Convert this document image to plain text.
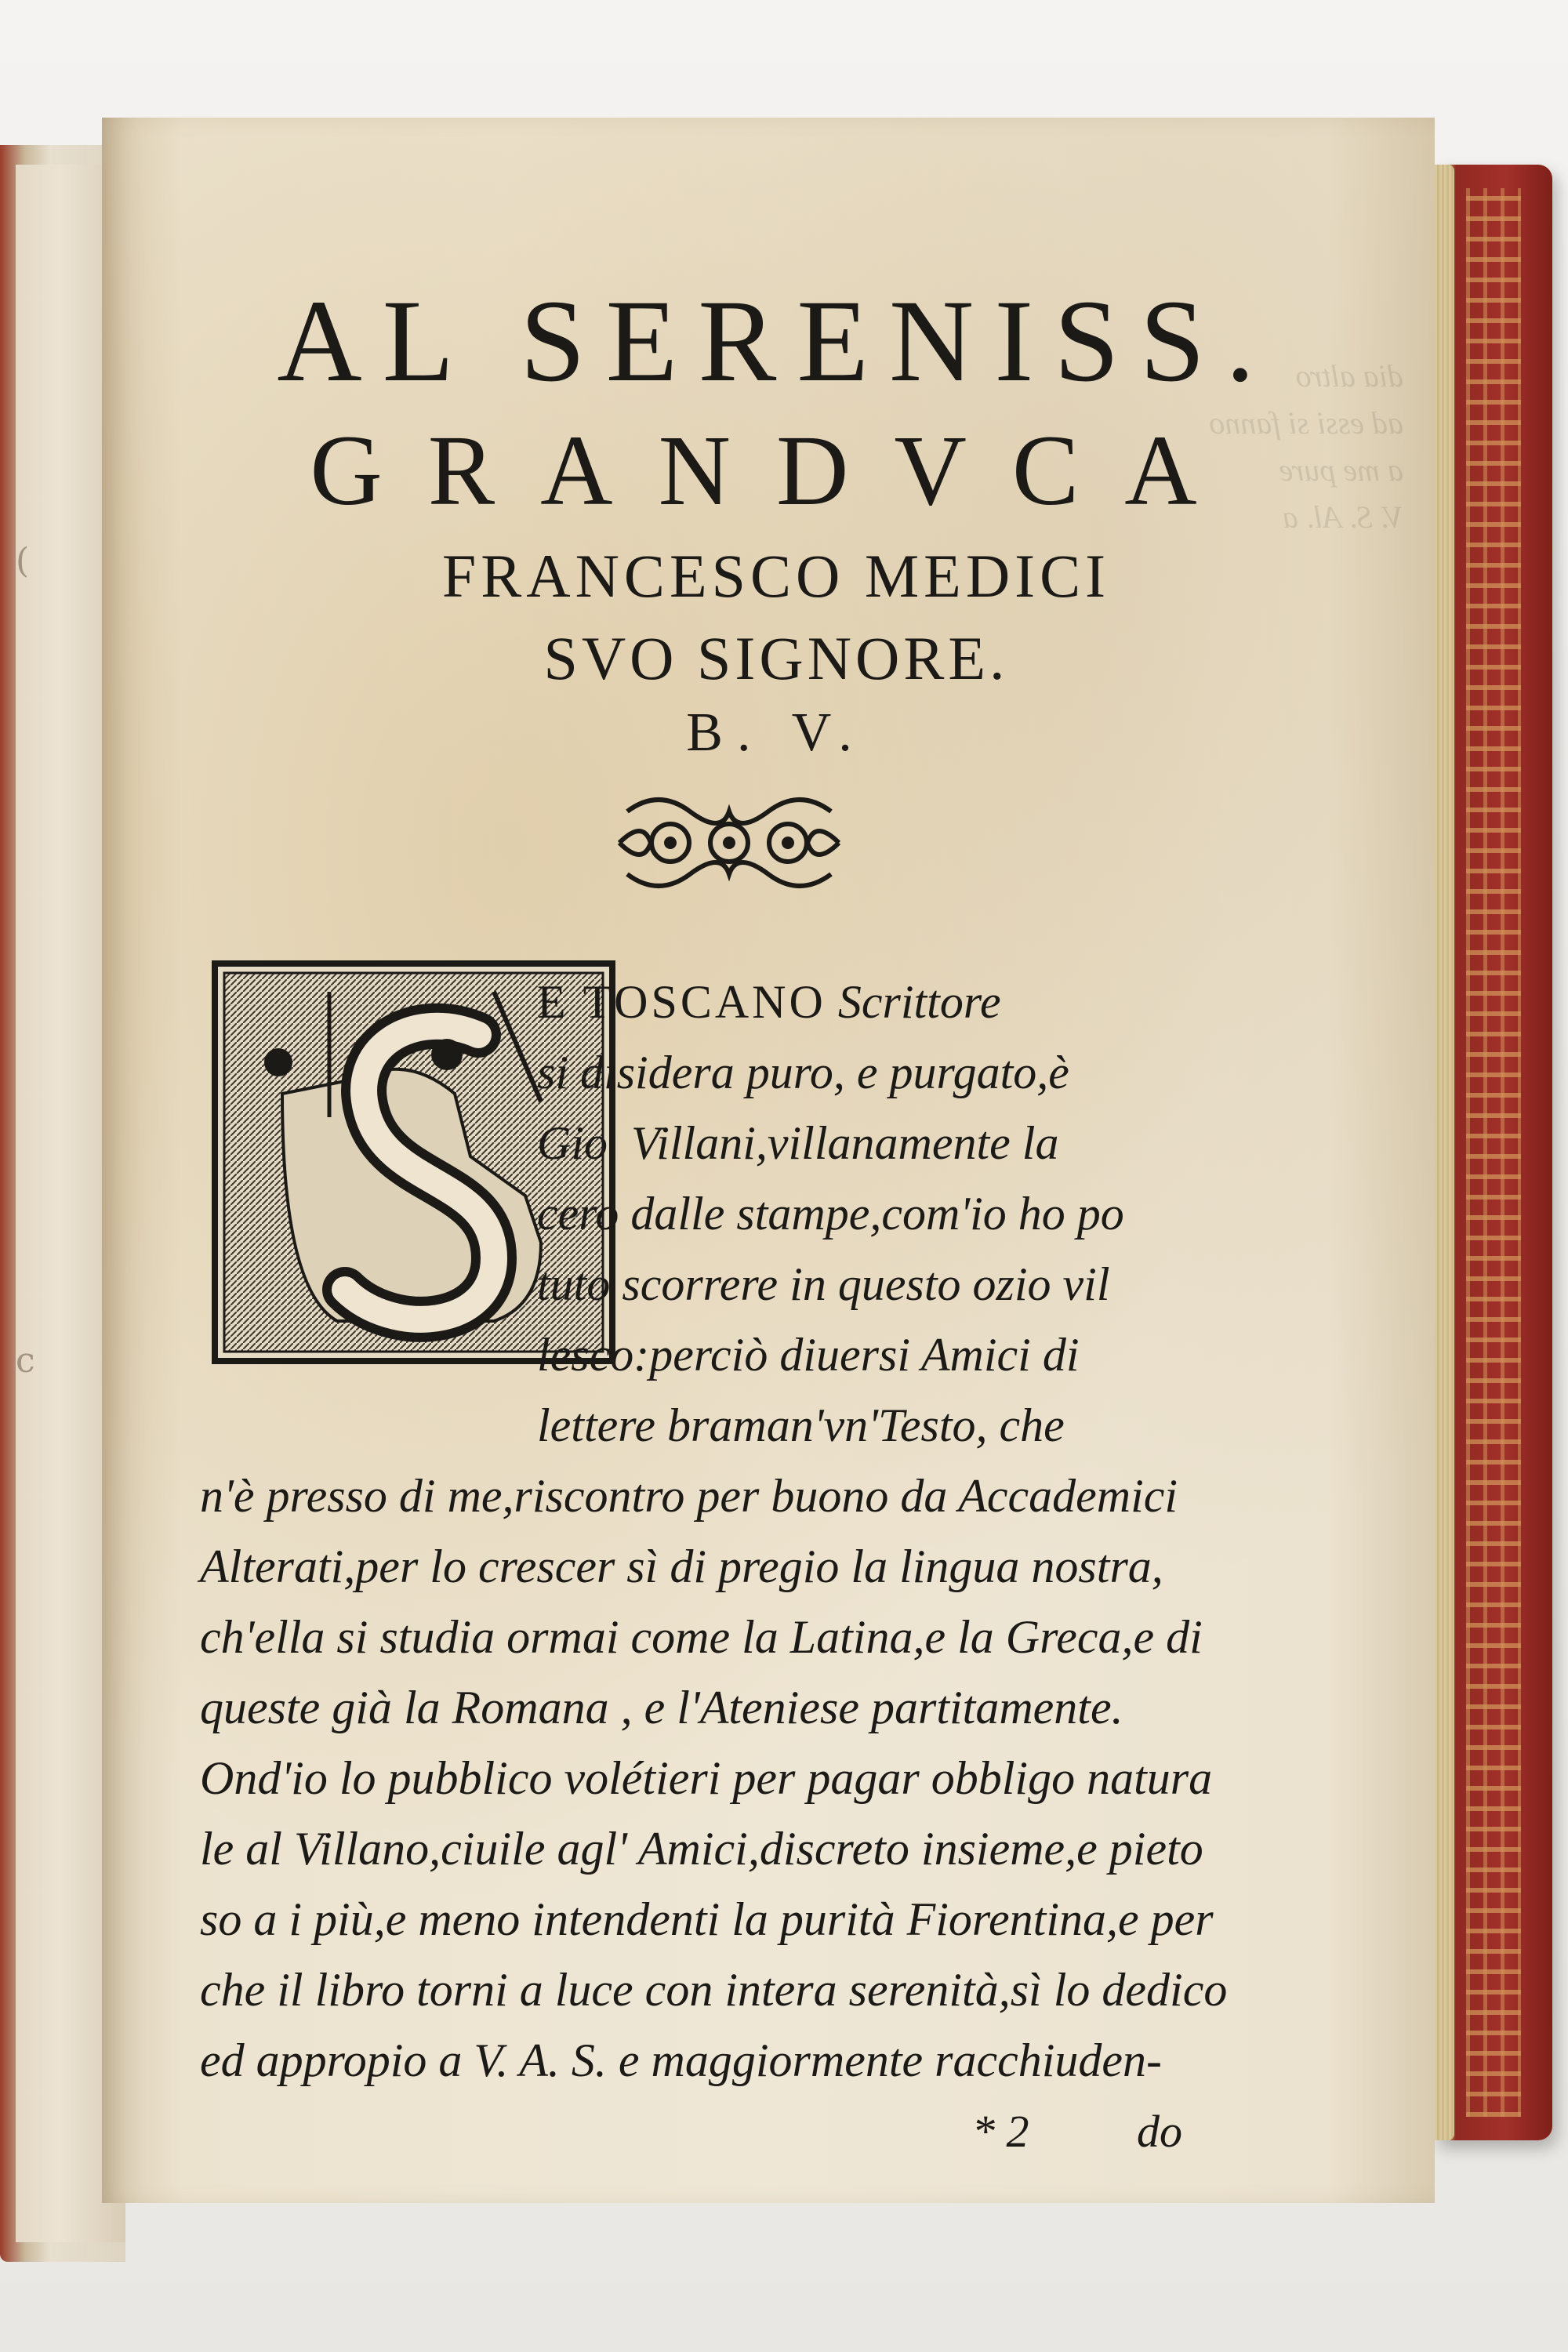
(
c
dia altro
ad essi si fanno
a me pure
V. S. Al. a
AL SERENISS.
GRANDVCA
FRANCESCO MEDICI
SVO SIGNORE.
B. V.
E TOSCANO Scrittore
si disidera puro, e purgato,è
Gio. Villani,villanamente la
cero dalle stampe,com'io ho po
tuto scorrere in questo ozio vil
lesco:perciò diuersi Amici di
lettere braman'vn'Testo, che
n'è presso di me,riscontro per buono da Accademici
Alterati,per lo crescer sì di pregio la lingua nostra,
ch'ella si studia ormai come la Latina,e la Greca,e di
queste già la Romana , e l'Ateniese partitamente.
Ond'io lo pubblico volétieri per pagar obbligo natura
le al Villano,ciuile agl' Amici,discreto insieme,e pieto
so a i più,e meno intendenti la purità Fiorentina,e per
che il libro torni a luce con intera serenità,sì lo dedico
ed appropio a V. A. S. e maggiormente racchiuden-
* 2 do
